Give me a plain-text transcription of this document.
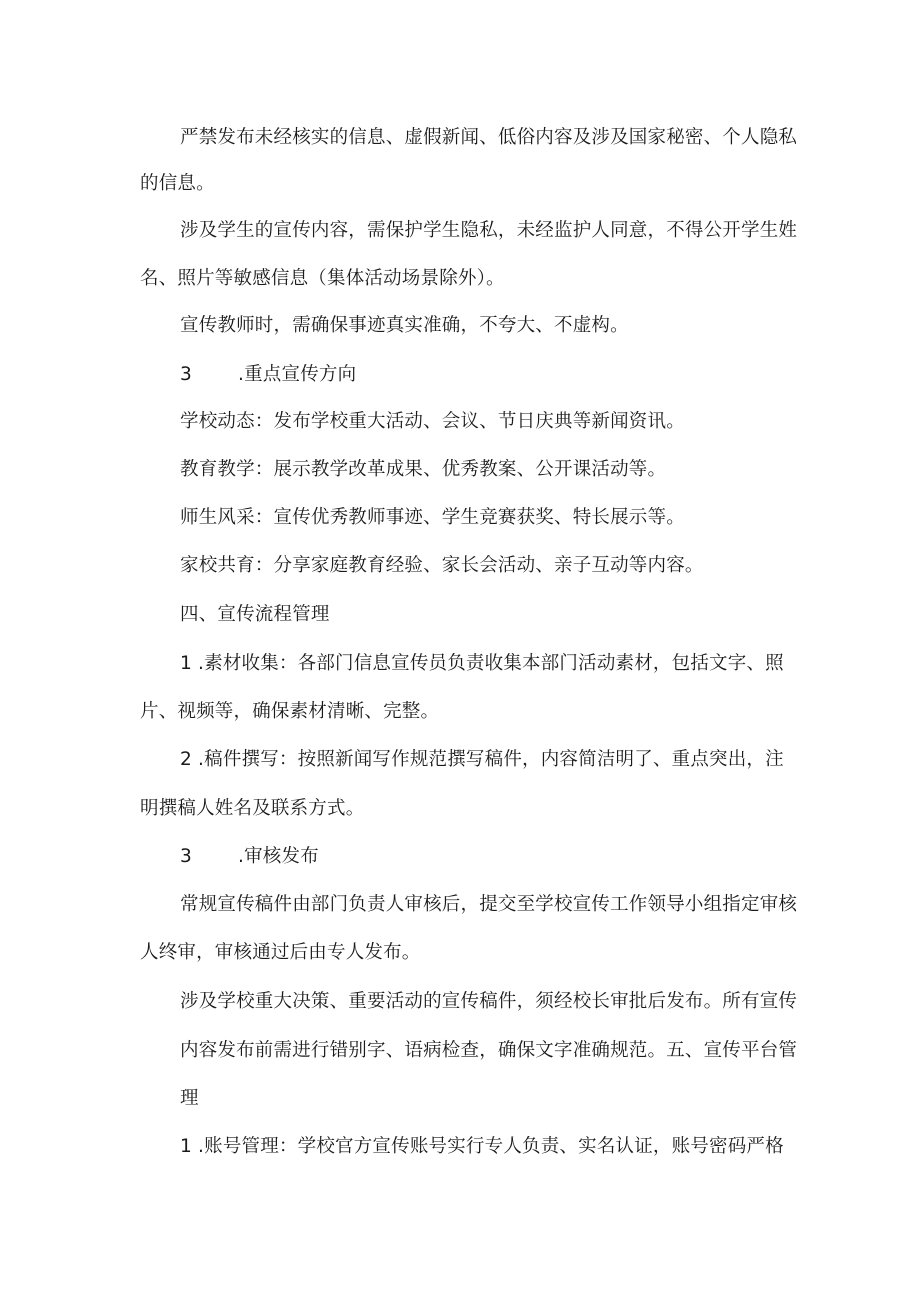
严禁发布未经核实的信息、虚假新闻、低俗内容及涉及国家秘密、个人隐私
的信息。
涉及学生的宣传内容，需保护学生隐私，未经监护人同意，不得公开学生姓
名、照片等敏感信息（集体活动场景除外）。
宣传教师时，需确保事迹真实准确，不夸大、不虚构。
3 .重点宣传方向
学校动态：发布学校重大活动、会议、节日庆典等新闻资讯。
教育教学：展示教学改革成果、优秀教案、公开课活动等。
师生风采：宣传优秀教师事迹、学生竞赛获奖、特长展示等。
家校共育：分享家庭教育经验、家长会活动、亲子互动等内容。
四、宣传流程管理
1 .素材收集：各部门信息宣传员负责收集本部门活动素材，包括文字、照
片、视频等，确保素材清晰、完整。
2 .稿件撰写：按照新闻写作规范撰写稿件，内容简洁明了、重点突出，注
明撰稿人姓名及联系方式。
3 .审核发布
常规宣传稿件由部门负责人审核后，提交至学校宣传工作领导小组指定审核
人终审，审核通过后由专人发布。
涉及学校重大决策、重要活动的宣传稿件，须经校长审批后发布。所有宣传
内容发布前需进行错别字、语病检查，确保文字准确规范。五、宣传平台管
理
1 .账号管理：学校官方宣传账号实行专人负责、实名认证，账号密码严格
